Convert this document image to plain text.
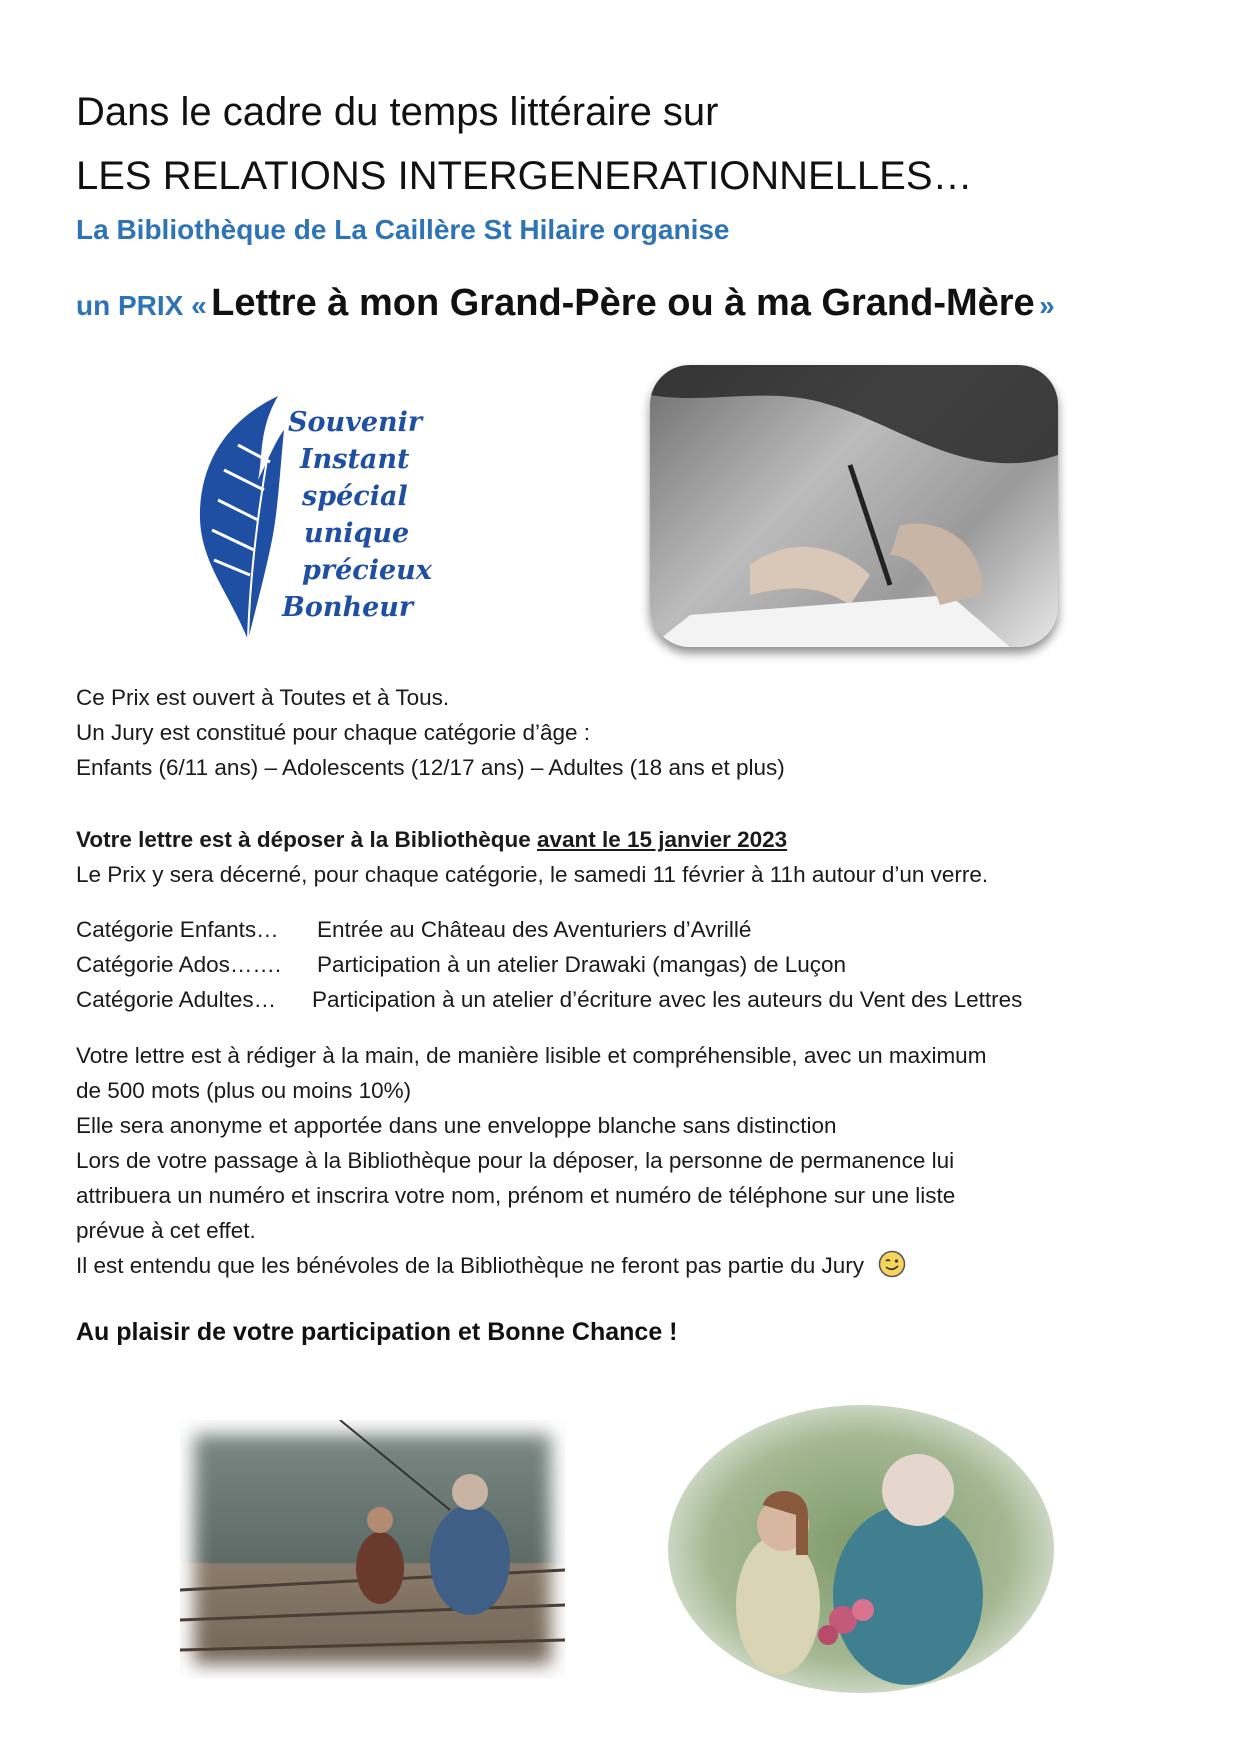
Dans le cadre du temps littéraire sur
LES RELATIONS INTERGENERATIONNELLES…
La Bibliothèque de La Caillère St Hilaire organise
un PRIX « Lettre à mon Grand-Père ou à ma Grand-Mère »
Souvenir
Instant
spécial
unique
précieux
Bonheur
Ce Prix est ouvert à Toutes et à Tous.
Un Jury est constitué pour chaque catégorie d’âge :
Enfants (6/11 ans) – Adolescents (12/17 ans) – Adultes (18 ans et plus)
Votre lettre est à déposer à la Bibliothèque avant le 15 janvier 2023
Le Prix y sera décerné, pour chaque catégorie, le samedi 11 février à 11h autour d’un verre.
Catégorie Enfants… Entrée au Château des Aventuriers d’Avrillé
Catégorie Ados……. Participation à un atelier Drawaki (mangas) de Luçon
Catégorie Adultes… Participation à un atelier d’écriture avec les auteurs du Vent des Lettres
Votre lettre est à rédiger à la main, de manière lisible et compréhensible, avec un maximum
de 500 mots (plus ou moins 10%)
Elle sera anonyme et apportée dans une enveloppe blanche sans distinction
Lors de votre passage à la Bibliothèque pour la déposer, la personne de permanence lui
attribuera un numéro et inscrira votre nom, prénom et numéro de téléphone sur une liste
prévue à cet effet.
Il est entendu que les bénévoles de la Bibliothèque ne feront pas partie du Jury
Au plaisir de votre participation et Bonne Chance !
